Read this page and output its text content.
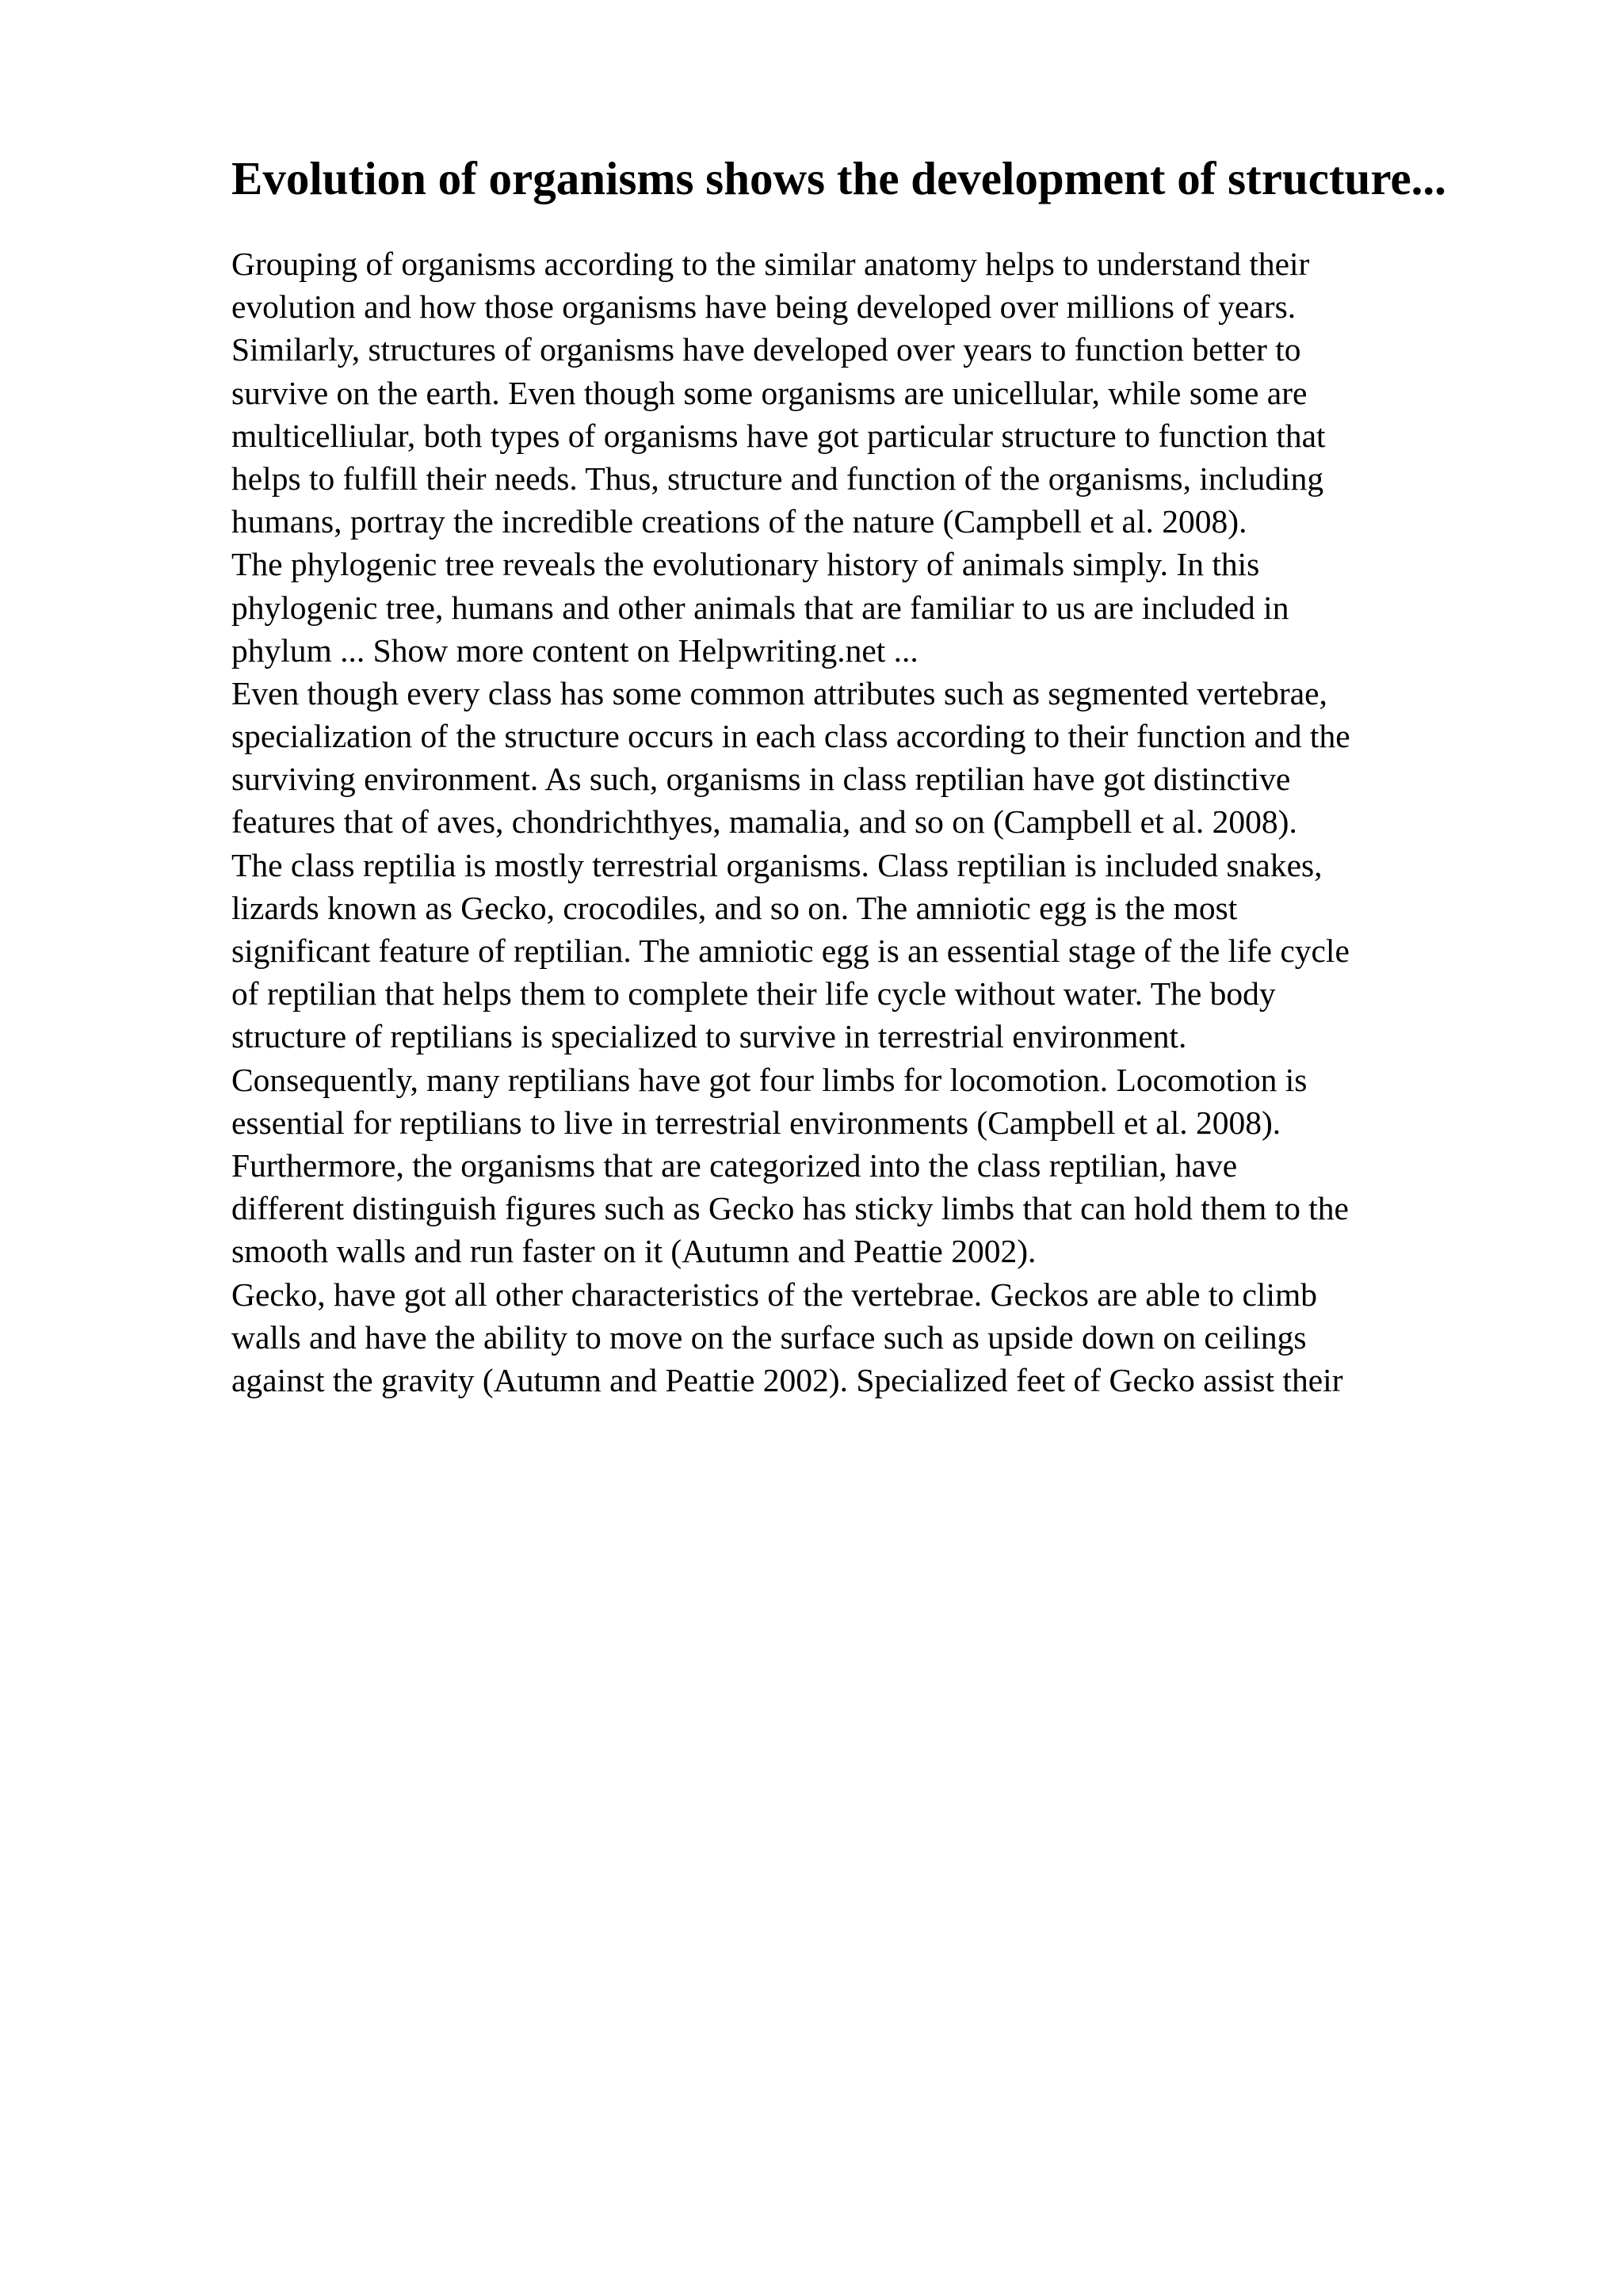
Evolution of organisms shows the development of structure...
Grouping of organisms according to the similar anatomy helps to understand their
evolution and how those organisms have being developed over millions of years.
Similarly, structures of organisms have developed over years to function better to
survive on the earth. Even though some organisms are unicellular, while some are
multicelliular, both types of organisms have got particular structure to function that
helps to fulfill their needs. Thus, structure and function of the organisms, including
humans, portray the incredible creations of the nature (Campbell et al. 2008).
The phylogenic tree reveals the evolutionary history of animals simply. In this
phylogenic tree, humans and other animals that are familiar to us are included in
phylum ... Show more content on Helpwriting.net ...
Even though every class has some common attributes such as segmented vertebrae,
specialization of the structure occurs in each class according to their function and the
surviving environment. As such, organisms in class reptilian have got distinctive
features that of aves, chondrichthyes, mamalia, and so on (Campbell et al. 2008).
The class reptilia is mostly terrestrial organisms. Class reptilian is included snakes,
lizards known as Gecko, crocodiles, and so on. The amniotic egg is the most
significant feature of reptilian. The amniotic egg is an essential stage of the life cycle
of reptilian that helps them to complete their life cycle without water. The body
structure of reptilians is specialized to survive in terrestrial environment.
Consequently, many reptilians have got four limbs for locomotion. Locomotion is
essential for reptilians to live in terrestrial environments (Campbell et al. 2008).
Furthermore, the organisms that are categorized into the class reptilian, have
different distinguish figures such as Gecko has sticky limbs that can hold them to the
smooth walls and run faster on it (Autumn and Peattie 2002).
Gecko, have got all other characteristics of the vertebrae. Geckos are able to climb
walls and have the ability to move on the surface such as upside down on ceilings
against the gravity (Autumn and Peattie 2002). Specialized feet of Gecko assist their
